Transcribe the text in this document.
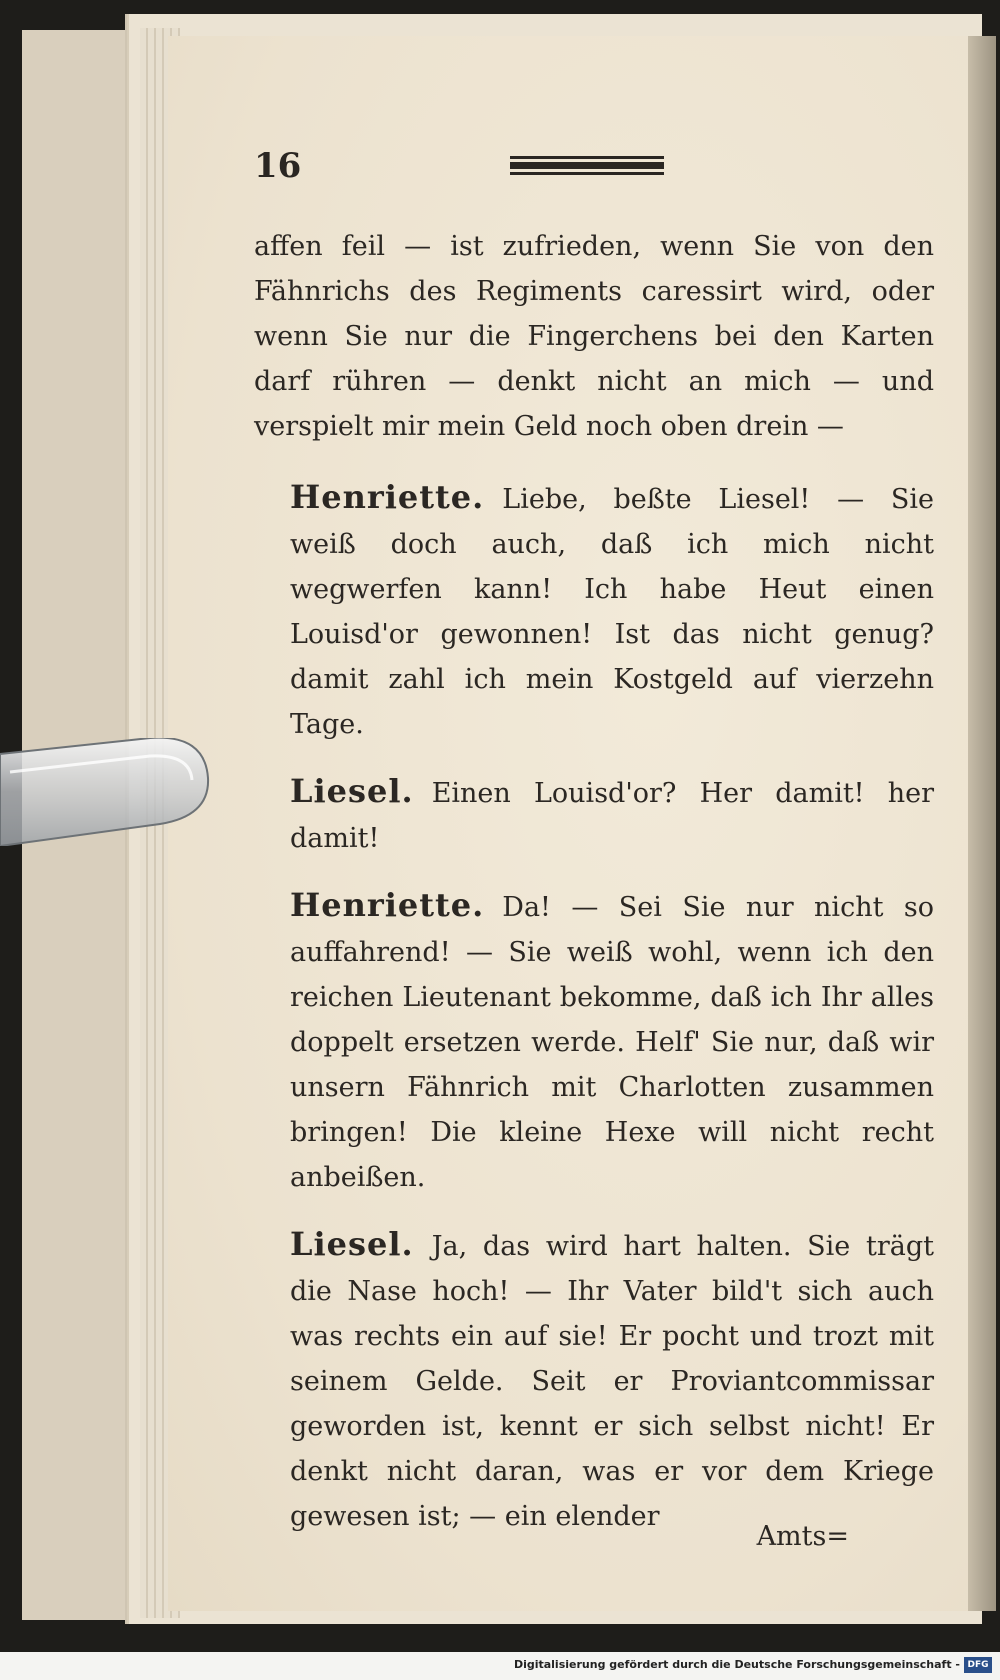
16

affen feil — ist zufrieden, wenn Sie von den Fähnrichs des Regiments caressirt wird, oder wenn Sie nur die Fingerchens bei den Karten darf rühren — denkt nicht an mich — und verspielt mir mein Geld noch oben drein —

Henriette. Liebe, beßte Liesel! — Sie weiß doch auch, daß ich mich nicht wegwerfen kann! Ich habe Heut einen Louisd'or gewonnen! Ist das nicht genug? damit zahl ich mein Kostgeld auf vierzehn Tage.

Liesel. Einen Louisd'or? Her damit! her damit!

Henriette. Da! — Sei Sie nur nicht so auffahrend! — Sie weiß wohl, wenn ich den reichen Lieutenant bekomme, daß ich Ihr alles doppelt ersetzen werde. Helf' Sie nur, daß wir unsern Fähnrich mit Charlotten zusammen bringen! Die kleine Hexe will nicht recht anbeißen.

Liesel. Ja, das wird hart halten. Sie trägt die Nase hoch! — Ihr Vater bild't sich auch was rechts ein auf sie! Er pocht und trozt mit seinem Gelde. Seit er Proviantcommissar geworden ist, kennt er sich selbst nicht! Er denkt nicht daran, was er vor dem Kriege gewesen ist; — ein elender

Amts=
Digitalisierung gefördert durch die Deutsche Forschungsgemeinschaft - DFG
